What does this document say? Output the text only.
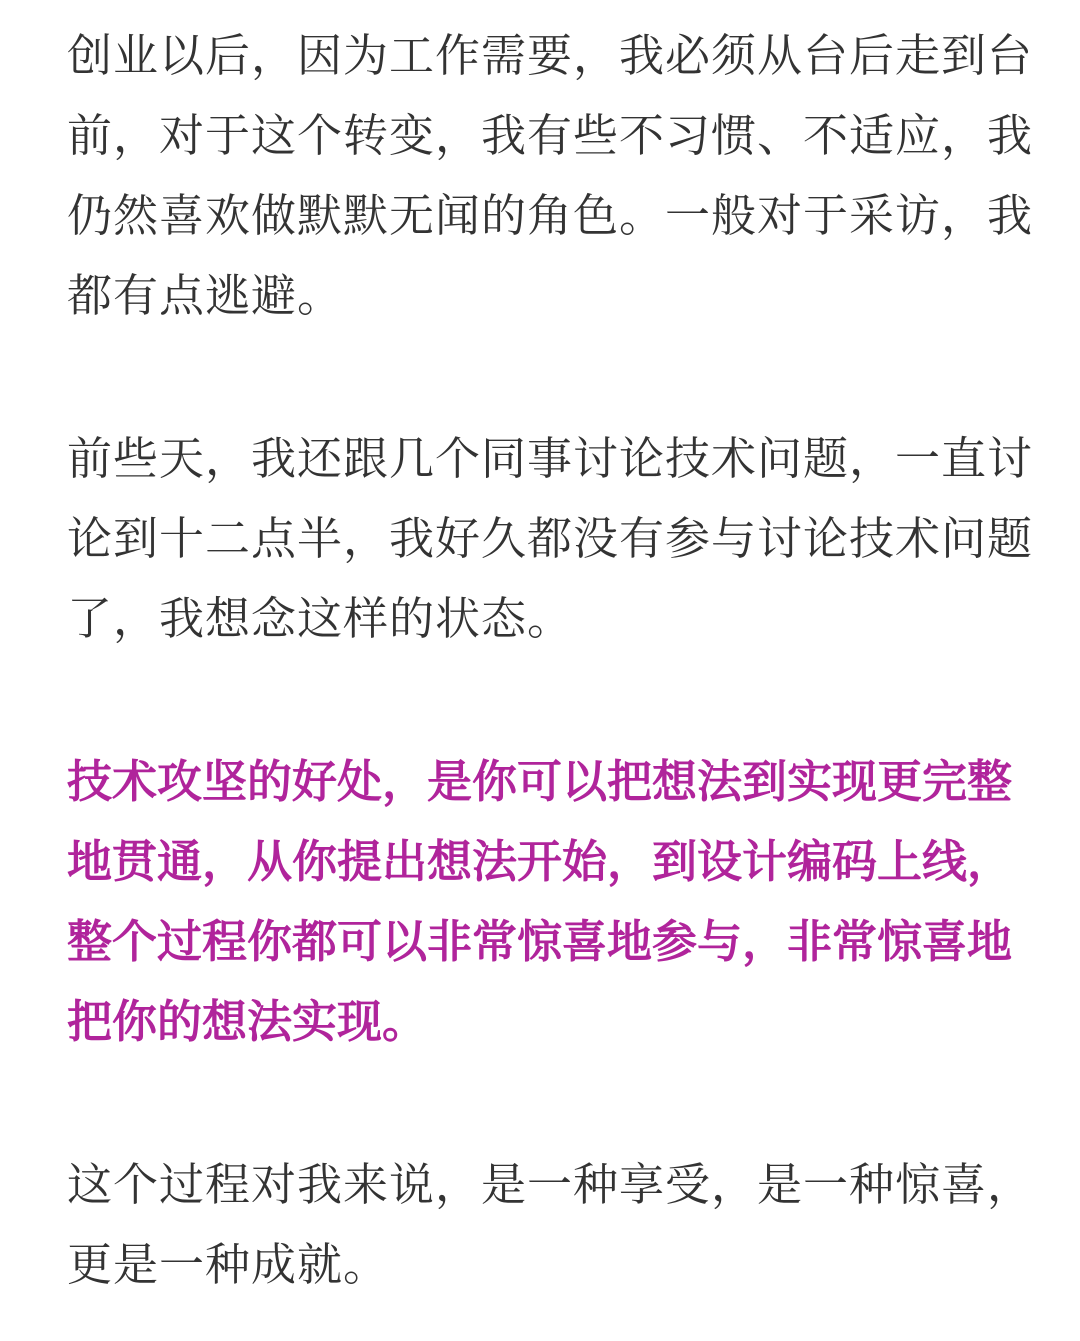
创业以后，因为工作需要，我必须从台后走到台
前，对于这个转变，我有些不习惯、不适应，我
仍然喜欢做默默无闻的角色。一般对于采访，我
都有点逃避。

前些天，我还跟几个同事讨论技术问题，一直讨
论到十二点半，我好久都没有参与讨论技术问题
了，我想念这样的状态。

技术攻坚的好处，是你可以把想法到实现更完整
地贯通，从你提出想法开始，到设计编码上线，
整个过程你都可以非常惊喜地参与，非常惊喜地
把你的想法实现。

这个过程对我来说，是一种享受，是一种惊喜，
更是一种成就。
